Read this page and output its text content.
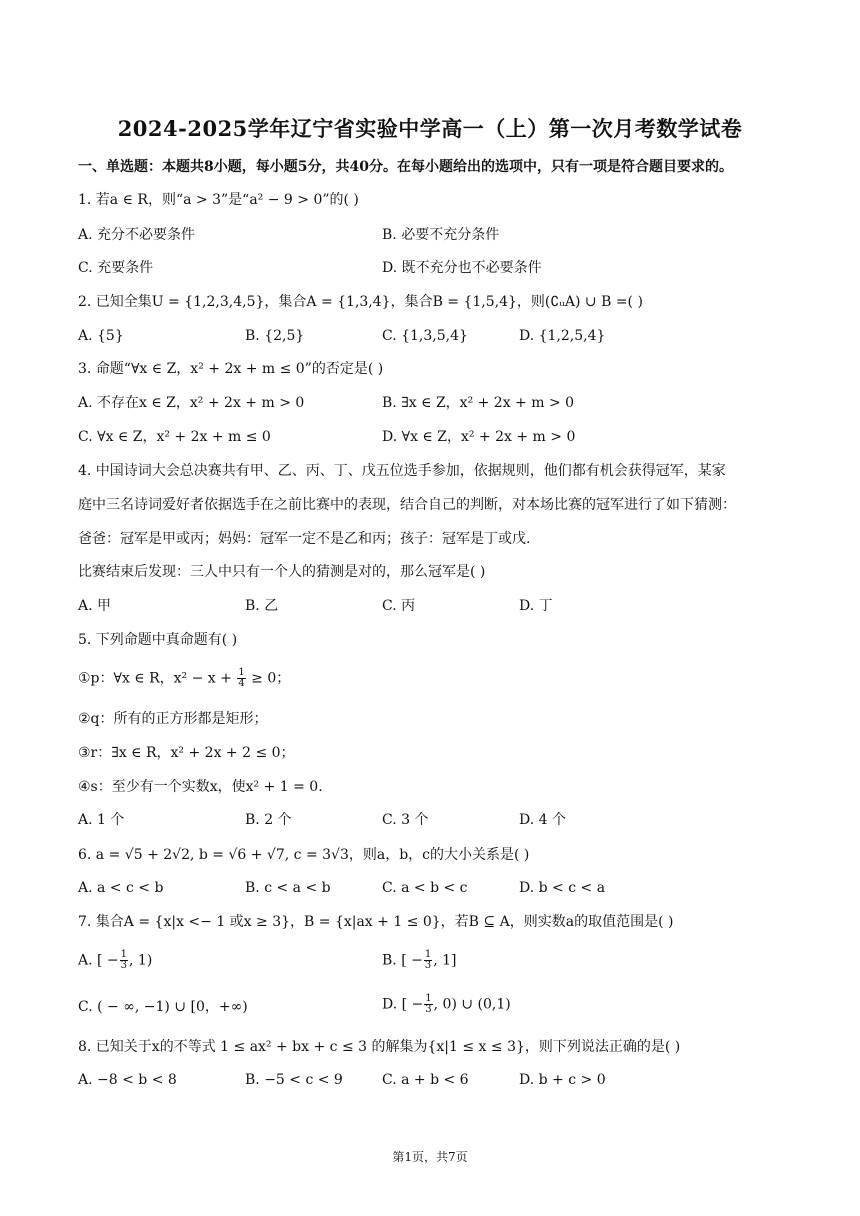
2024-2025学年辽宁省实验中学高一（上）第一次月考数学试卷
一、单选题：本题共8小题，每小题5分，共40分。在每小题给出的选项中，只有一项是符合题目要求的。
1. 若a ∈ R，则“a > 3”是“a² − 9 > 0”的( )
A. 充分不必要条件	B. 必要不充分条件
C. 充要条件	D. 既不充分也不必要条件
2. 已知全集U = {1,2,3,4,5}，集合A = {1,3,4}，集合B = {1,5,4}，则(∁ᵤA) ∪ B =( )
A. {5}	B. {2,5}	C. {1,3,5,4}	D. {1,2,5,4}
3. 命题“∀x ∈ Z，x² + 2x + m ≤ 0”的否定是( )
A. 不存在x ∈ Z，x² + 2x + m > 0	B. ∃x ∈ Z，x² + 2x + m > 0
C. ∀x ∈ Z，x² + 2x + m ≤ 0	D. ∀x ∈ Z，x² + 2x + m > 0
4. 中国诗词大会总决赛共有甲、乙、丙、丁、戊五位选手参加，依据规则，他们都有机会获得冠军，某家
庭中三名诗词爱好者依据选手在之前比赛中的表现，结合自己的判断，对本场比赛的冠军进行了如下猜测：
爸爸：冠军是甲或丙；妈妈：冠军一定不是乙和丙；孩子：冠军是丁或戊.
比赛结束后发现：三人中只有一个人的猜测是对的，那么冠军是( )
A. 甲	B. 乙	C. 丙	D. 丁
5. 下列命题中真命题有( )
①p：∀x ∈ R，$x^2 - x + \frac{1}{4} \ge 0$；
②q：所有的正方形都是矩形；
③r：∃x ∈ R，x² + 2x + 2 ≤ 0；
④s：至少有一个实数x，使x² + 1 = 0.
A. 1 个	B. 2 个	C. 3 个	D. 4 个
6. a = √5 + 2√2, b = √6 + √7, c = 3√3，则a，b，c的大小关系是( )
A. a < c < b	B. c < a < b	C. a < b < c	D. b < c < a
7. 集合A = {x|x <− 1 或x ≥ 3}，B = {x|ax + 1 ≤ 0}，若B ⊆ A，则实数a的取值范围是( )
A. [ − $\frac{1}{3}$ , 1)	B. [ − $\frac{1}{3}$ , 1]
C. ( − ∞, −1) ∪ [0，+∞)	D. [ − $\frac{1}{3}$ , 0) ∪ (0,1)
8. 已知关于x的不等式 1 ≤ ax² + bx + c ≤ 3 的解集为{x|1 ≤ x ≤ 3}，则下列说法正确的是( )
A. −8 < b < 8	B. −5 < c < 9	C. a + b < 6	D. b + c > 0
第1页，共7页
